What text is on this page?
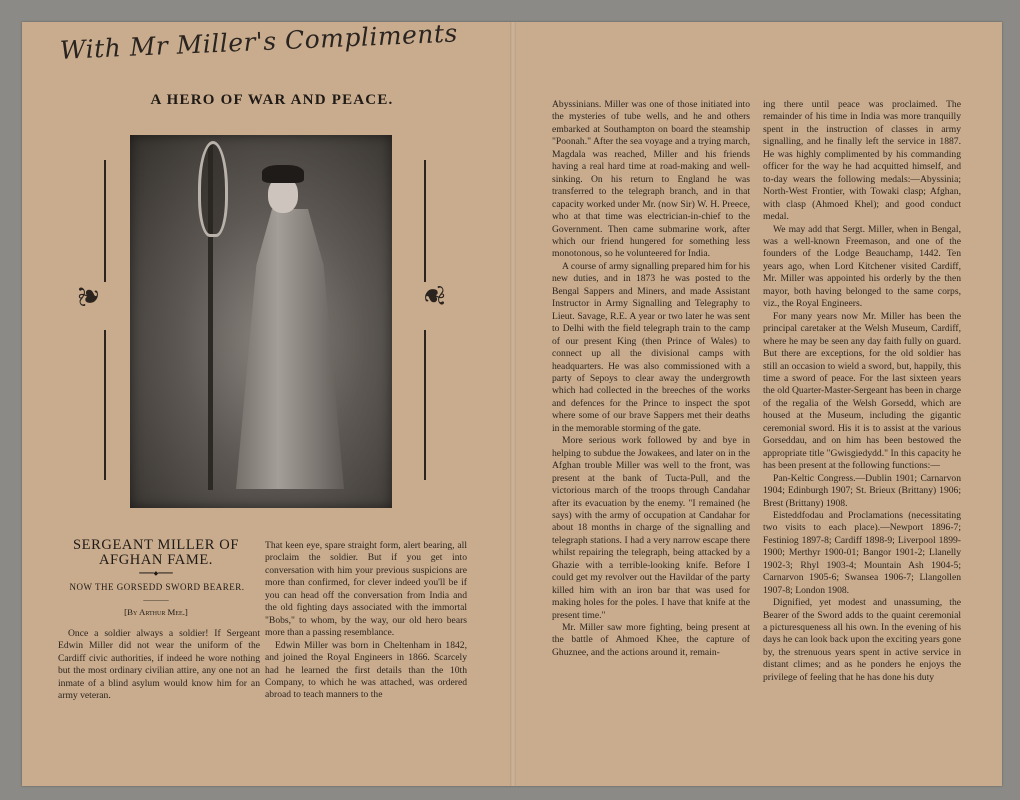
With Mr Miller's Compliments
A HERO OF WAR AND PEACE.
❦	❦
SERGEANT MILLER OF
AFGHAN FAME.
━━━━◆━━━━
NOW THE GORSEDD SWORD BEARER.
──────
[By Arthur Mee.]

Once a soldier always a soldier! If Sergeant Edwin Miller did not wear the uniform of the Cardiff civic authorities, if indeed he wore nothing but the most ordinary civilian attire, any one not an inmate of a blind asylum would know him for an army veteran.

That keen eye, spare straight form, alert bearing, all proclaim the soldier. But if you get into conversation with him your previous suspicions are more than confirmed, for clever indeed you'll be if you can head off the conversation from India and the old fighting days associated with the immortal "Bobs," to whom, by the way, our old hero bears more than a passing resemblance.

Edwin Miller was born in Cheltenham in 1842, and joined the Royal Engineers in 1866. Scarcely had he learned the first details than the 10th Company, to which he was attached, was ordered abroad to teach manners to the

Abyssinians. Miller was one of those initiated into the mysteries of tube wells, and he and others embarked at Southampton on board the steamship "Poonah." After the sea voyage and a trying march, Magdala was reached, Miller and his friends having a real hard time at road-making and well-sinking. On his return to England he was transferred to the telegraph branch, and in that capacity worked under Mr. (now Sir) W. H. Preece, who at that time was electrician-in-chief to the Government. Then came submarine work, after which our friend hungered for something less monotonous, so he volunteered for India.

A course of army signalling prepared him for his new duties, and in 1873 he was posted to the Bengal Sappers and Miners, and made Assistant Instructor in Army Signalling and Telegraphy to Lieut. Savage, R.E. A year or two later he was sent to Delhi with the field telegraph train to the camp of our present King (then Prince of Wales) to connect up all the divisional camps with headquarters. He was also commissioned with a party of Sepoys to clear away the undergrowth which had collected in the breeches of the works and defences for the Prince to inspect the spot where some of our brave Sappers met their deaths in the memorable storming of the gate.

More serious work followed by and bye in helping to subdue the Jowakees, and later on in the Afghan trouble Miller was well to the front, was present at the bank of Tucta-Pull, and the victorious march of the troops through Candahar after its evacuation by the enemy. "I remained (he says) with the army of occupation at Candahar for about 18 months in charge of the signalling and telegraph stations. I had a very narrow escape there whilst repairing the telegraph, being attacked by a Ghazie with a terrible-looking knife. Before I could get my revolver out the Havildar of the party killed him with an iron bar that was used for making holes for the poles. I have that knife at the present time."

Mr. Miller saw more fighting, being present at the battle of Ahmoed Khee, the capture of Ghuznee, and the actions around it, remain-

ing there until peace was proclaimed. The remainder of his time in India was more tranquilly spent in the instruction of classes in army signalling, and he finally left the service in 1887. He was highly complimented by his commanding officer for the way he had acquitted himself, and to-day wears the following medals:—Abyssinia; North-West Frontier, with Towaki clasp; Afghan, with clasp (Ahmoed Khel); and good conduct medal.

We may add that Sergt. Miller, when in Bengal, was a well-known Freemason, and one of the founders of the Lodge Beauchamp, 1442. Ten years ago, when Lord Kitchener visited Cardiff, Mr. Miller was appointed his orderly by the then mayor, both having belonged to the same corps, viz., the Royal Engineers.

For many years now Mr. Miller has been the principal caretaker at the Welsh Museum, Cardiff, where he may be seen any day faith fully on guard. But there are exceptions, for the old soldier has still an occasion to wield a sword, but, happily, this time a sword of peace. For the last sixteen years the old Quarter-Master-Sergeant has been in charge of the regalia of the Welsh Gorsedd, which are housed at the Museum, including the gigantic ceremonial sword. His it is to assist at the various Gorseddau, and on him has been bestowed the appropriate title "Gwisgiedydd." In this capacity he has been present at the following functions:—

Pan-Keltic Congress.—Dublin 1901; Carnarvon 1904; Edinburgh 1907; St. Brieux (Brittany) 1906; Brest (Brittany) 1908.

Eisteddfodau and Proclamations (necessitating two visits to each place).—Newport 1896-7; Festiniog 1897-8; Cardiff 1898-9; Liverpool 1899-1900; Merthyr 1900-01; Bangor 1901-2; Llanelly 1902-3; Rhyl 1903-4; Mountain Ash 1904-5; Carnarvon 1905-6; Swansea 1906-7; Llangollen 1907-8; London 1908.

Dignified, yet modest and unassuming, the Bearer of the Sword adds to the quaint ceremonial a picturesqueness all his own. In the evening of his days he can look back upon the exciting years gone by, the strenuous years spent in active service in distant climes; and as he ponders he enjoys the privilege of feeling that he has done his duty
